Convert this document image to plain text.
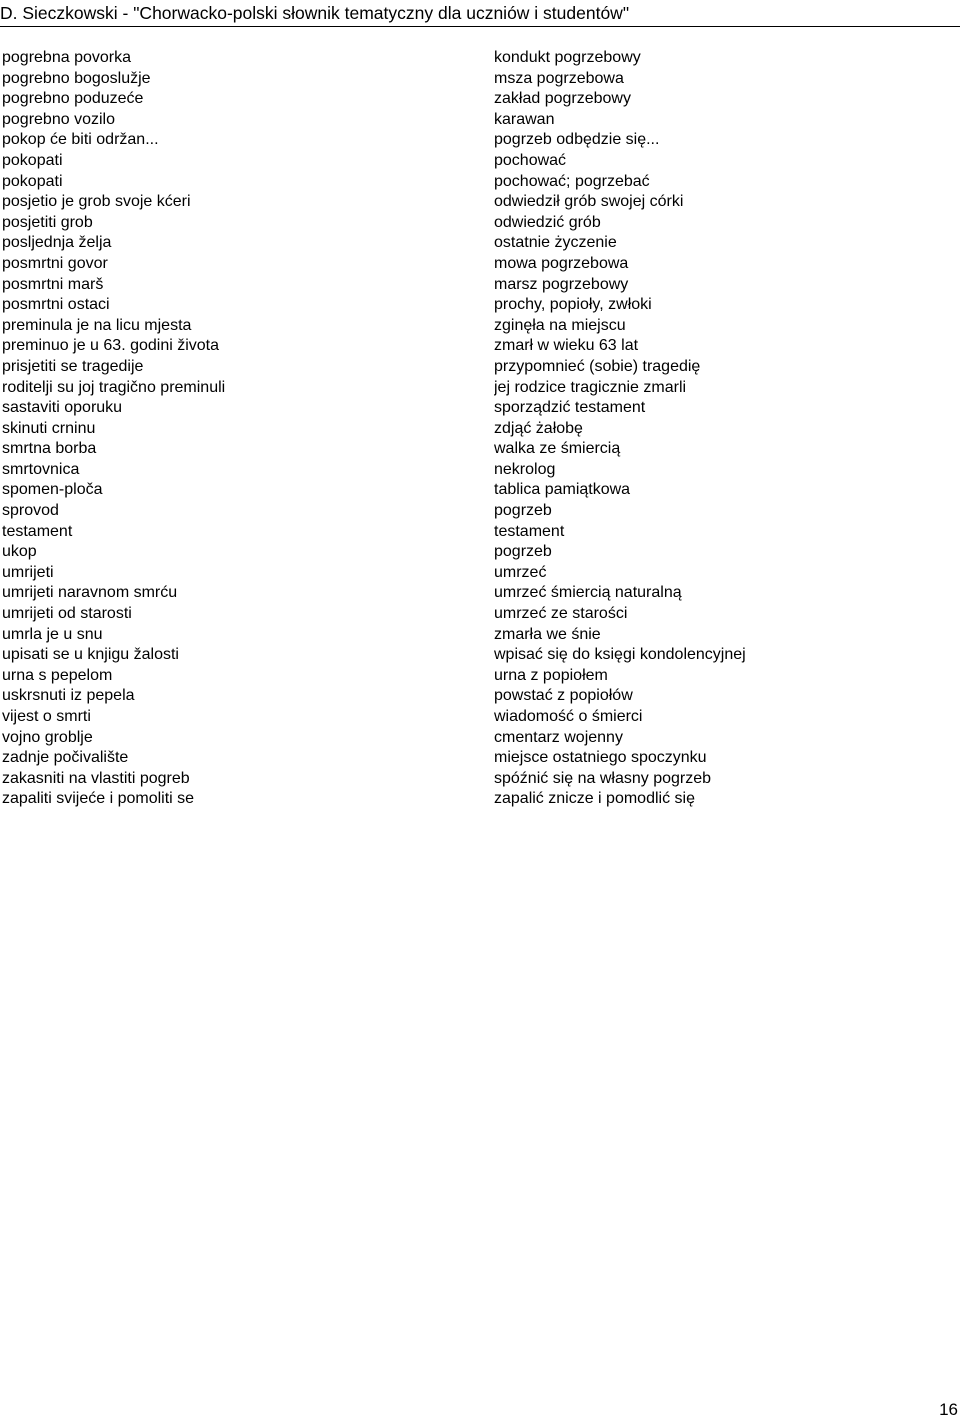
D. Sieczkowski - "Chorwacko-polski słownik tematyczny dla uczniów i studentów"
pogrebna povorka
pogrebno bogoslužje
pogrebno poduzeće
pogrebno vozilo
pokop će biti održan...
pokopati
pokopati
posjetio je grob svoje kćeri
posjetiti grob
posljednja želja
posmrtni govor
posmrtni marš
posmrtni ostaci
preminula je na licu mjesta
preminuo je u 63. godini života
prisjetiti se tragedije
roditelji su joj tragično preminuli
sastaviti oporuku
skinuti crninu
smrtna borba
smrtovnica
spomen-ploča
sprovod
testament
ukop
umrijeti
umrijeti naravnom smrću
umrijeti od starosti
umrla je u snu
upisati se u knjigu žalosti
urna s pepelom
uskrsnuti iz pepela
vijest o smrti
vojno groblje
zadnje počivalište
zakasniti na vlastiti pogreb
zapaliti svijeće i pomoliti se
kondukt pogrzebowy
msza pogrzebowa
zakład pogrzebowy
karawan
pogrzeb odbędzie się...
pochować
pochować; pogrzebać
odwiedził grób swojej córki
odwiedzić grób
ostatnie życzenie
mowa pogrzebowa
marsz pogrzebowy
prochy, popioły, zwłoki
zginęła na miejscu
zmarł w wieku 63 lat
przypomnieć (sobie) tragedię
jej rodzice tragicznie zmarli
sporządzić testament
zdjąć żałobę
walka ze śmiercią
nekrolog
tablica pamiątkowa
pogrzeb
testament
pogrzeb
umrzeć
umrzeć śmiercią naturalną
umrzeć ze starości
zmarła we śnie
wpisać się do księgi kondolencyjnej
urna z popiołem
powstać z popiołów
wiadomość o śmierci
cmentarz wojenny
miejsce ostatniego spoczynku
spóźnić się na własny pogrzeb
zapalić znicze i pomodlić się
16
